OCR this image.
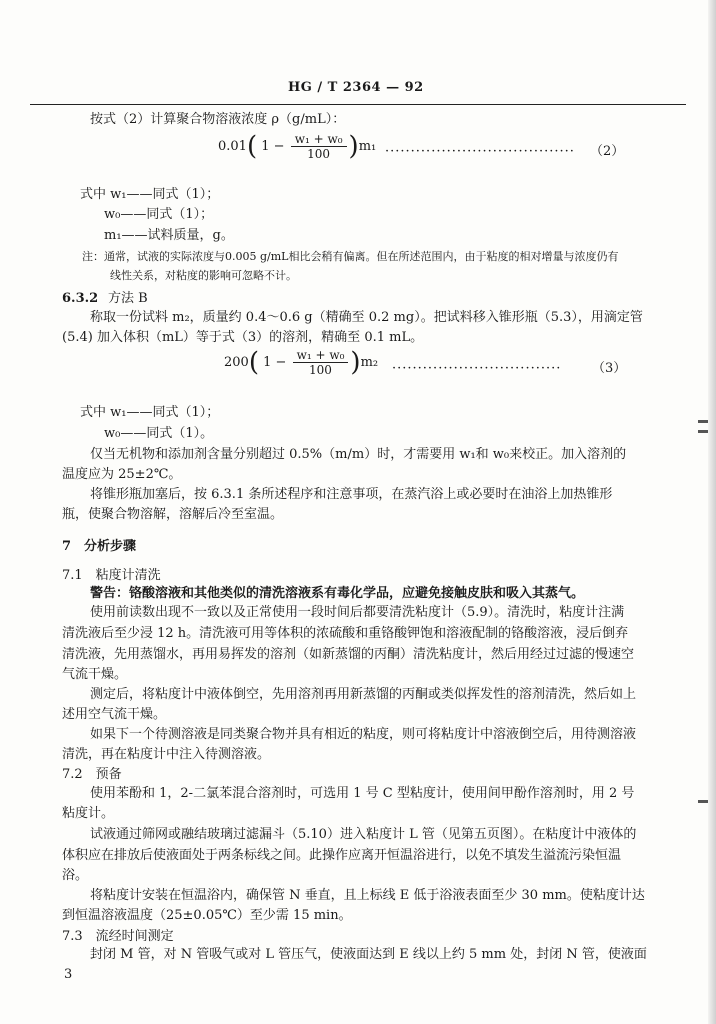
HG / T 2364 — 92
按式（2）计算聚合物溶液浓度 ρ（g/mL）：
0.01( $1 - \frac{\text{w₁ + w₀}}{100} )m_1$ ····································· （2）
式中 w₁——同式（1）；
w₀——同式（1）；
m₁——试料质量，g。
注：通常，试液的实际浓度与0.005 g/mL相比会稍有偏离。但在所述范围内，由于粘度的相对增量与浓度仍有
线性关系，对粘度的影响可忽略不计。
6.3.2 方法 B
称取一份试料 m₂，质量约 0.4～0.6 g（精确至 0.2 mg）。把试料移入锥形瓶（5.3），用滴定管
(5.4) 加入体积（mL）等于式（3）的溶剂，精确至 0.1 mL。
200( $1 - \frac{\text{w₁ + w₀}}{100} )m_2$ ································· （3）
式中 w₁——同式（1）；
w₀——同式（1）。
仅当无机物和添加剂含量分别超过 0.5%（m/m）时，才需要用 w₁和 w₀来校正。加入溶剂的
温度应为 25±2℃。
将锥形瓶加塞后，按 6.3.1 条所述程序和注意事项，在蒸汽浴上或必要时在油浴上加热锥形
瓶，使聚合物溶解，溶解后冷至室温。
7　分析步骤
7.1　粘度计清洗
警告：铬酸溶液和其他类似的清洗溶液系有毒化学品，应避免接触皮肤和吸入其蒸气。
使用前读数出现不一致以及正常使用一段时间后都要清洗粘度计（5.9）。清洗时，粘度计注满
清洗液后至少浸 12 h。清洗液可用等体积的浓硫酸和重铬酸钾饱和溶液配制的铬酸溶液，浸后倒弃
清洗液，先用蒸馏水，再用易挥发的溶剂（如新蒸馏的丙酮）清洗粘度计，然后用经过过滤的慢速空
气流干燥。
测定后，将粘度计中液体倒空，先用溶剂再用新蒸馏的丙酮或类似挥发性的溶剂清洗，然后如上
述用空气流干燥。
如果下一个待测溶液是同类聚合物并具有相近的粘度，则可将粘度计中溶液倒空后，用待测溶液
清洗，再在粘度计中注入待测溶液。
7.2　预备
使用苯酚和 1，2-二氯苯混合溶剂时，可选用 1 号 C 型粘度计，使用间甲酚作溶剂时，用 2 号
粘度计。
试液通过筛网或融结玻璃过滤漏斗（5.10）进入粘度计 L 管（见第五页图）。在粘度计中液体的
体积应在排放后使液面处于两条标线之间。此操作应离开恒温浴进行，以免不填发生溢流污染恒温
浴。
将粘度计安装在恒温浴内，确保管 N 垂直，且上标线 E 低于浴液表面至少 30 mm。使粘度计达
到恒温溶液温度（25±0.05℃）至少需 15 min。
7.3　流经时间测定
封闭 M 管，对 N 管吸气或对 L 管压气，使液面达到 E 线以上约 5 mm 处，封闭 N 管，使液面
3
